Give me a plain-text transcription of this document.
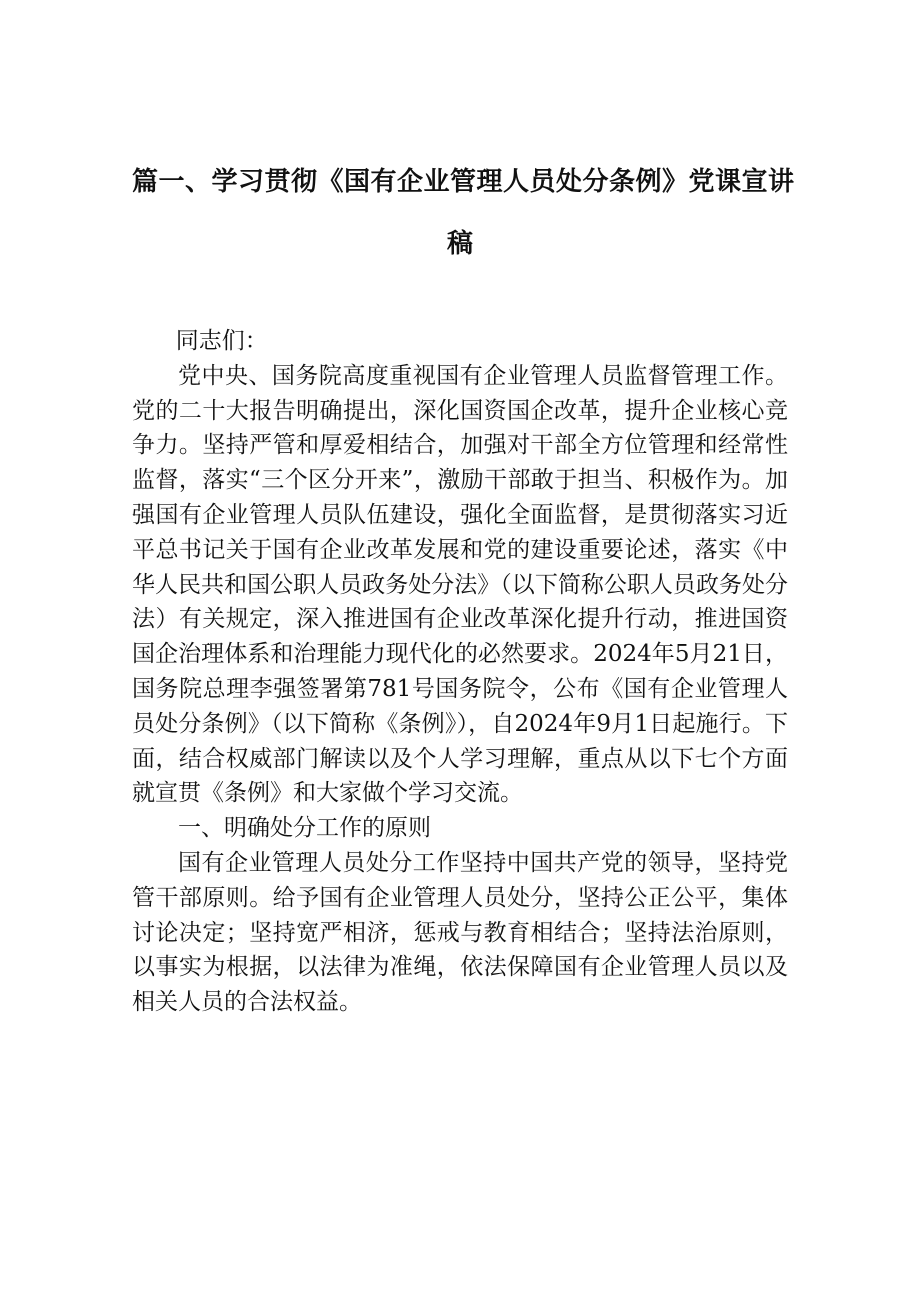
篇一、学习贯彻《国有企业管理人员处分条例》党课宣讲
稿

同志们：

党中央、国务院高度重视国有企业管理人员监督管理工作。党的二十大报告明确提出，深化国资国企改革，提升企业核心竞争力。坚持严管和厚爱相结合，加强对干部全方位管理和经常性监督，落实“三个区分开来”，激励干部敢于担当、积极作为。加强国有企业管理人员队伍建设，强化全面监督，是贯彻落实习近平总书记关于国有企业改革发展和党的建设重要论述，落实《中华人民共和国公职人员政务处分法》（以下简称公职人员政务处分法）有关规定，深入推进国有企业改革深化提升行动，推进国资国企治理体系和治理能力现代化的必然要求。2024年5月21日，国务院总理李强签署第781号国务院令，公布《国有企业管理人员处分条例》（以下简称《条例》），自2024年9月1日起施行。下面，结合权威部门解读以及个人学习理解，重点从以下七个方面就宣贯《条例》和大家做个学习交流。

一、明确处分工作的原则

国有企业管理人员处分工作坚持中国共产党的领导，坚持党管干部原则。给予国有企业管理人员处分，坚持公正公平，集体讨论决定；坚持宽严相济，惩戒与教育相结合；坚持法治原则，以事实为根据，以法律为准绳，依法保障国有企业管理人员以及相关人员的合法权益。
